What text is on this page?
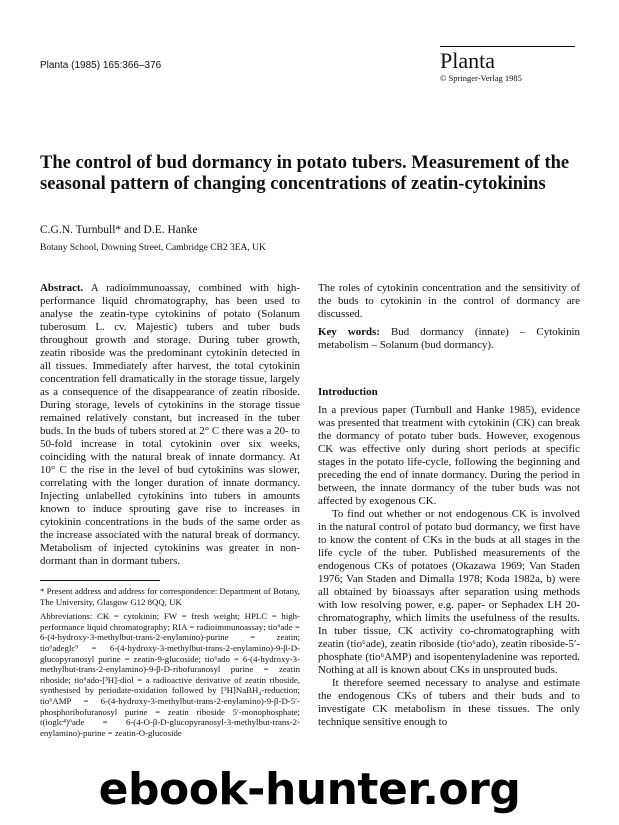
Planta (1985) 165:366–376	Planta
© Springer-Verlag 1985
The control of bud dormancy in potato tubers. Measurement of the seasonal pattern of changing concentrations of zeatin-cytokinins
C.G.N. Turnbull* and D.E. Hanke
Botany School, Downing Street, Cambridge CB2 3EA, UK

Abstract. A radioimmunoassay, combined with high-performance liquid chromatography, has been used to analyse the zeatin-type cytokinins of potato (Solanum tuberosum L. cv. Majestic) tubers and tuber buds throughout growth and storage. During tuber growth, zeatin riboside was the predominant cytokinin detected in all tissues. Immediately after harvest, the total cytokinin concentration fell dramatically in the storage tissue, largely as a consequence of the disappearance of zeatin riboside. During storage, levels of cytokinins in the storage tissue remained relatively constant, but increased in the tuber buds. In the buds of tubers stored at 2° C there was a 20- to 50-fold increase in total cytokinin over six weeks, coinciding with the natural break of innate dormancy. At 10° C the rise in the level of bud cytokinins was slower, correlating with the longer duration of innate dormancy. Injecting unlabelled cytokinins into tubers in amounts known to induce sprouting gave rise to increases in cytokinin concentrations in the buds of the same order as the increase associated with the natural break of dormancy. Metabolism of injected cytokinins was greater in non-dormant than in dormant tubers.

* Present address and address for correspondence: Department of Botany, The University, Glasgow G12 8QQ, UK

Abbreviations: CK = cytokinin; FW = fresh weight; HPLC = high-performance liquid chromatography; RIA = radioimmunoassay; tio⁶ade = 6-(4-hydroxy-3-methylbut-trans-2-enylamino)-purine = zeatin; tio⁶adeglc⁹ = 6-(4-hydroxy-3-methylbut-trans-2-enylamino)-9-β-D-glucopyranosyl purine = zeatin-9-glucoside; tio⁶ado = 6-(4-hydroxy-3-methylbut-trans-2-enylamino)-9-β-D-ribofuranosyl purine = zeatin riboside; tio⁶ado-[³H]-diol = a radioactive derivative of zeatin riboside, synthesised by periodate-oxidation followed by [³H]NaBH₄-reduction; tio⁶AMP = 6-(4-hydroxy-3-methylbut-trans-2-enylamino)-9-β-D-5′-phosphoribofuranosyl purine = zeatin riboside 5′-monophosphate; t(ioglc⁴)⁶ade = 6-(4-O-β-D-glucopyranosyl-3-methylbut-trans-2-enylamino)-purine = zeatin-O-glucoside

The roles of cytokinin concentration and the sensitivity of the buds to cytokinin in the control of dormancy are discussed.

Key words: Bud dormancy (innate) – Cytokinin metabolism – Solanum (bud dormancy).

Introduction

In a previous paper (Turnbull and Hanke 1985), evidence was presented that treatment with cytokinin (CK) can break the dormancy of potato tuber buds. However, exogenous CK was effective only during short periods at specific stages in the potato life-cycle, following the beginning and preceding the end of innate dormancy. During the period in between, the innate dormancy of the tuber buds was not affected by exogenous CK.

To find out whether or not endogenous CK is involved in the natural control of potato bud dormancy, we first have to know the content of CKs in the buds at all stages in the life cycle of the tuber. Published measurements of the endogenous CKs of potatoes (Okazawa 1969; Van Staden 1976; Van Staden and Dimalla 1978; Koda 1982a, b) were all obtained by bioassays after separation using methods with low resolving power, e.g. paper- or Sephadex LH 20-chromatography, which limits the usefulness of the results. In tuber tissue, CK activity co-chromatographing with zeatin (tio⁶ade), zeatin riboside (tio⁶ado), zeatin riboside-5′-phosphate (tio⁶AMP) and isopentenyladenine was reported. Nothing at all is known about CKs in unsprouted buds.

It therefore seemed necessary to analyse and estimate the endogenous CKs of tubers and their buds and to investigate CK metabolism in these tissues. The only technique sensitive enough to

ebook-hunter.org
